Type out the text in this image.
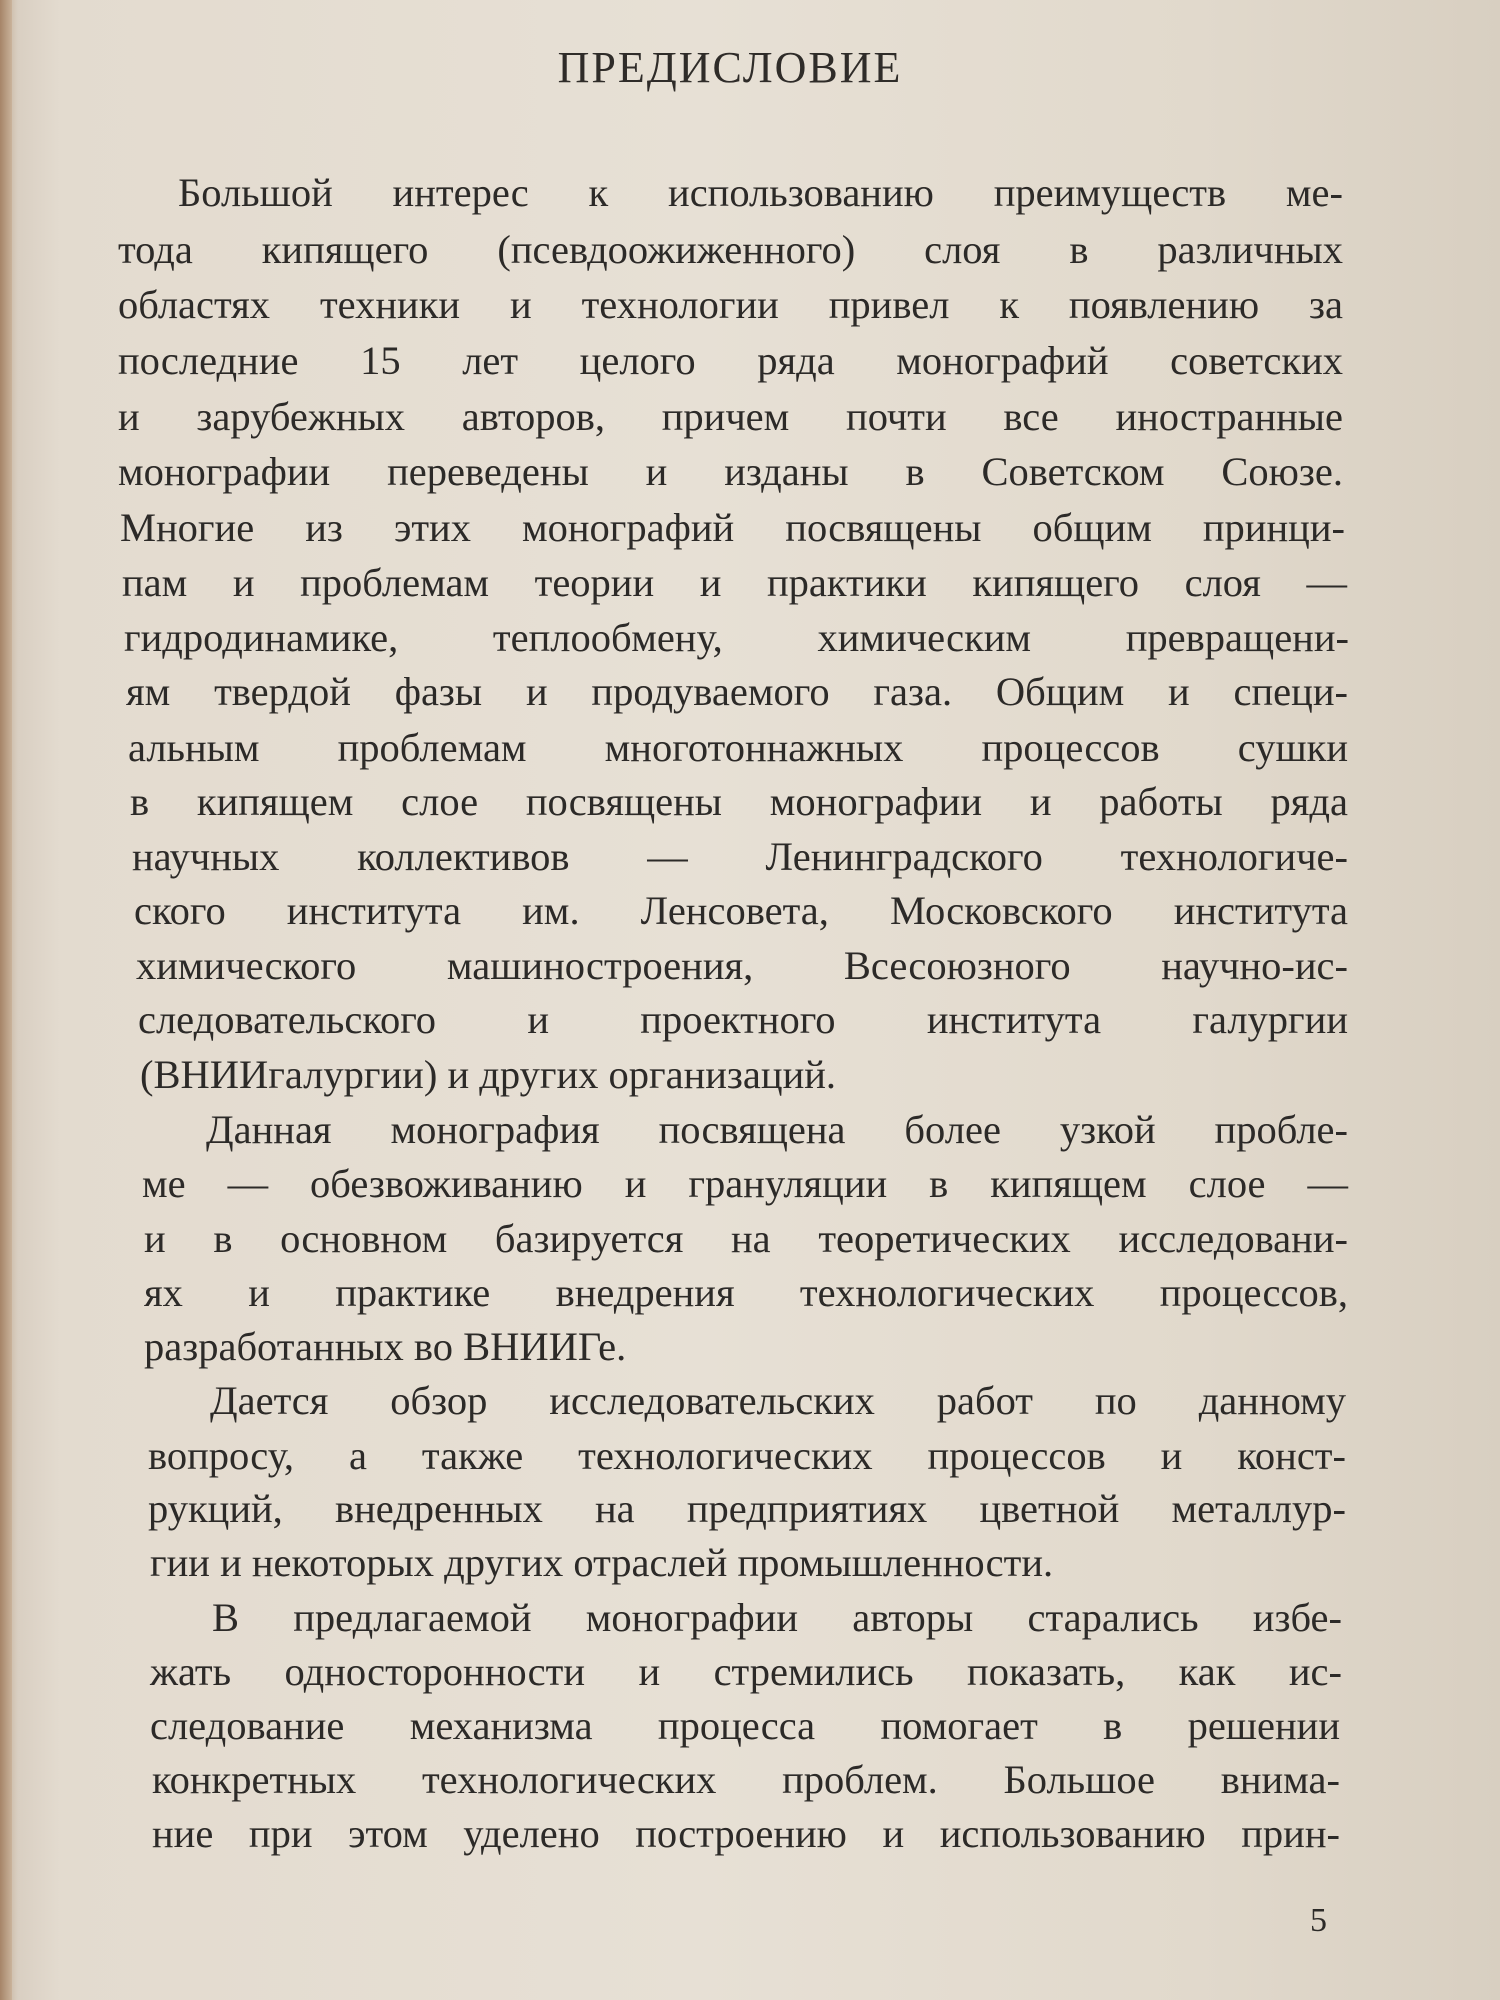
ПРЕДИСЛОВИЕ
Большой интерес к использованию преимуществ ме-
тода кипящего (псевдоожиженного) слоя в различных
областях техники и технологии привел к появлению за
последние 15 лет целого ряда монографий советских
и зарубежных авторов, причем почти все иностранные
монографии переведены и изданы в Советском Союзе.
Многие из этих монографий посвящены общим принци-
пам и проблемам теории и практики кипящего слоя —
гидродинамике, теплообмену, химическим превращени-
ям твердой фазы и продуваемого газа. Общим и специ-
альным проблемам многотоннажных процессов сушки
в кипящем слое посвящены монографии и работы ряда
научных коллективов — Ленинградского технологиче-
ского института им. Ленсовета, Московского института
химического машиностроения, Всесоюзного научно-ис-
следовательского и проектного института галургии
(ВНИИгалургии) и других организаций.
Данная монография посвящена более узкой пробле-
ме — обезвоживанию и грануляции в кипящем слое —
и в основном базируется на теоретических исследовани-
ях и практике внедрения технологических процессов,
разработанных во ВНИИГе.
Дается обзор исследовательских работ по данному
вопросу, а также технологических процессов и конст-
рукций, внедренных на предприятиях цветной металлур-
гии и некоторых других отраслей промышленности.
В предлагаемой монографии авторы старались избе-
жать односторонности и стремились показать, как ис-
следование механизма процесса помогает в решении
конкретных технологических проблем. Большое внима-
ние при этом уделено построению и использованию прин-
5
